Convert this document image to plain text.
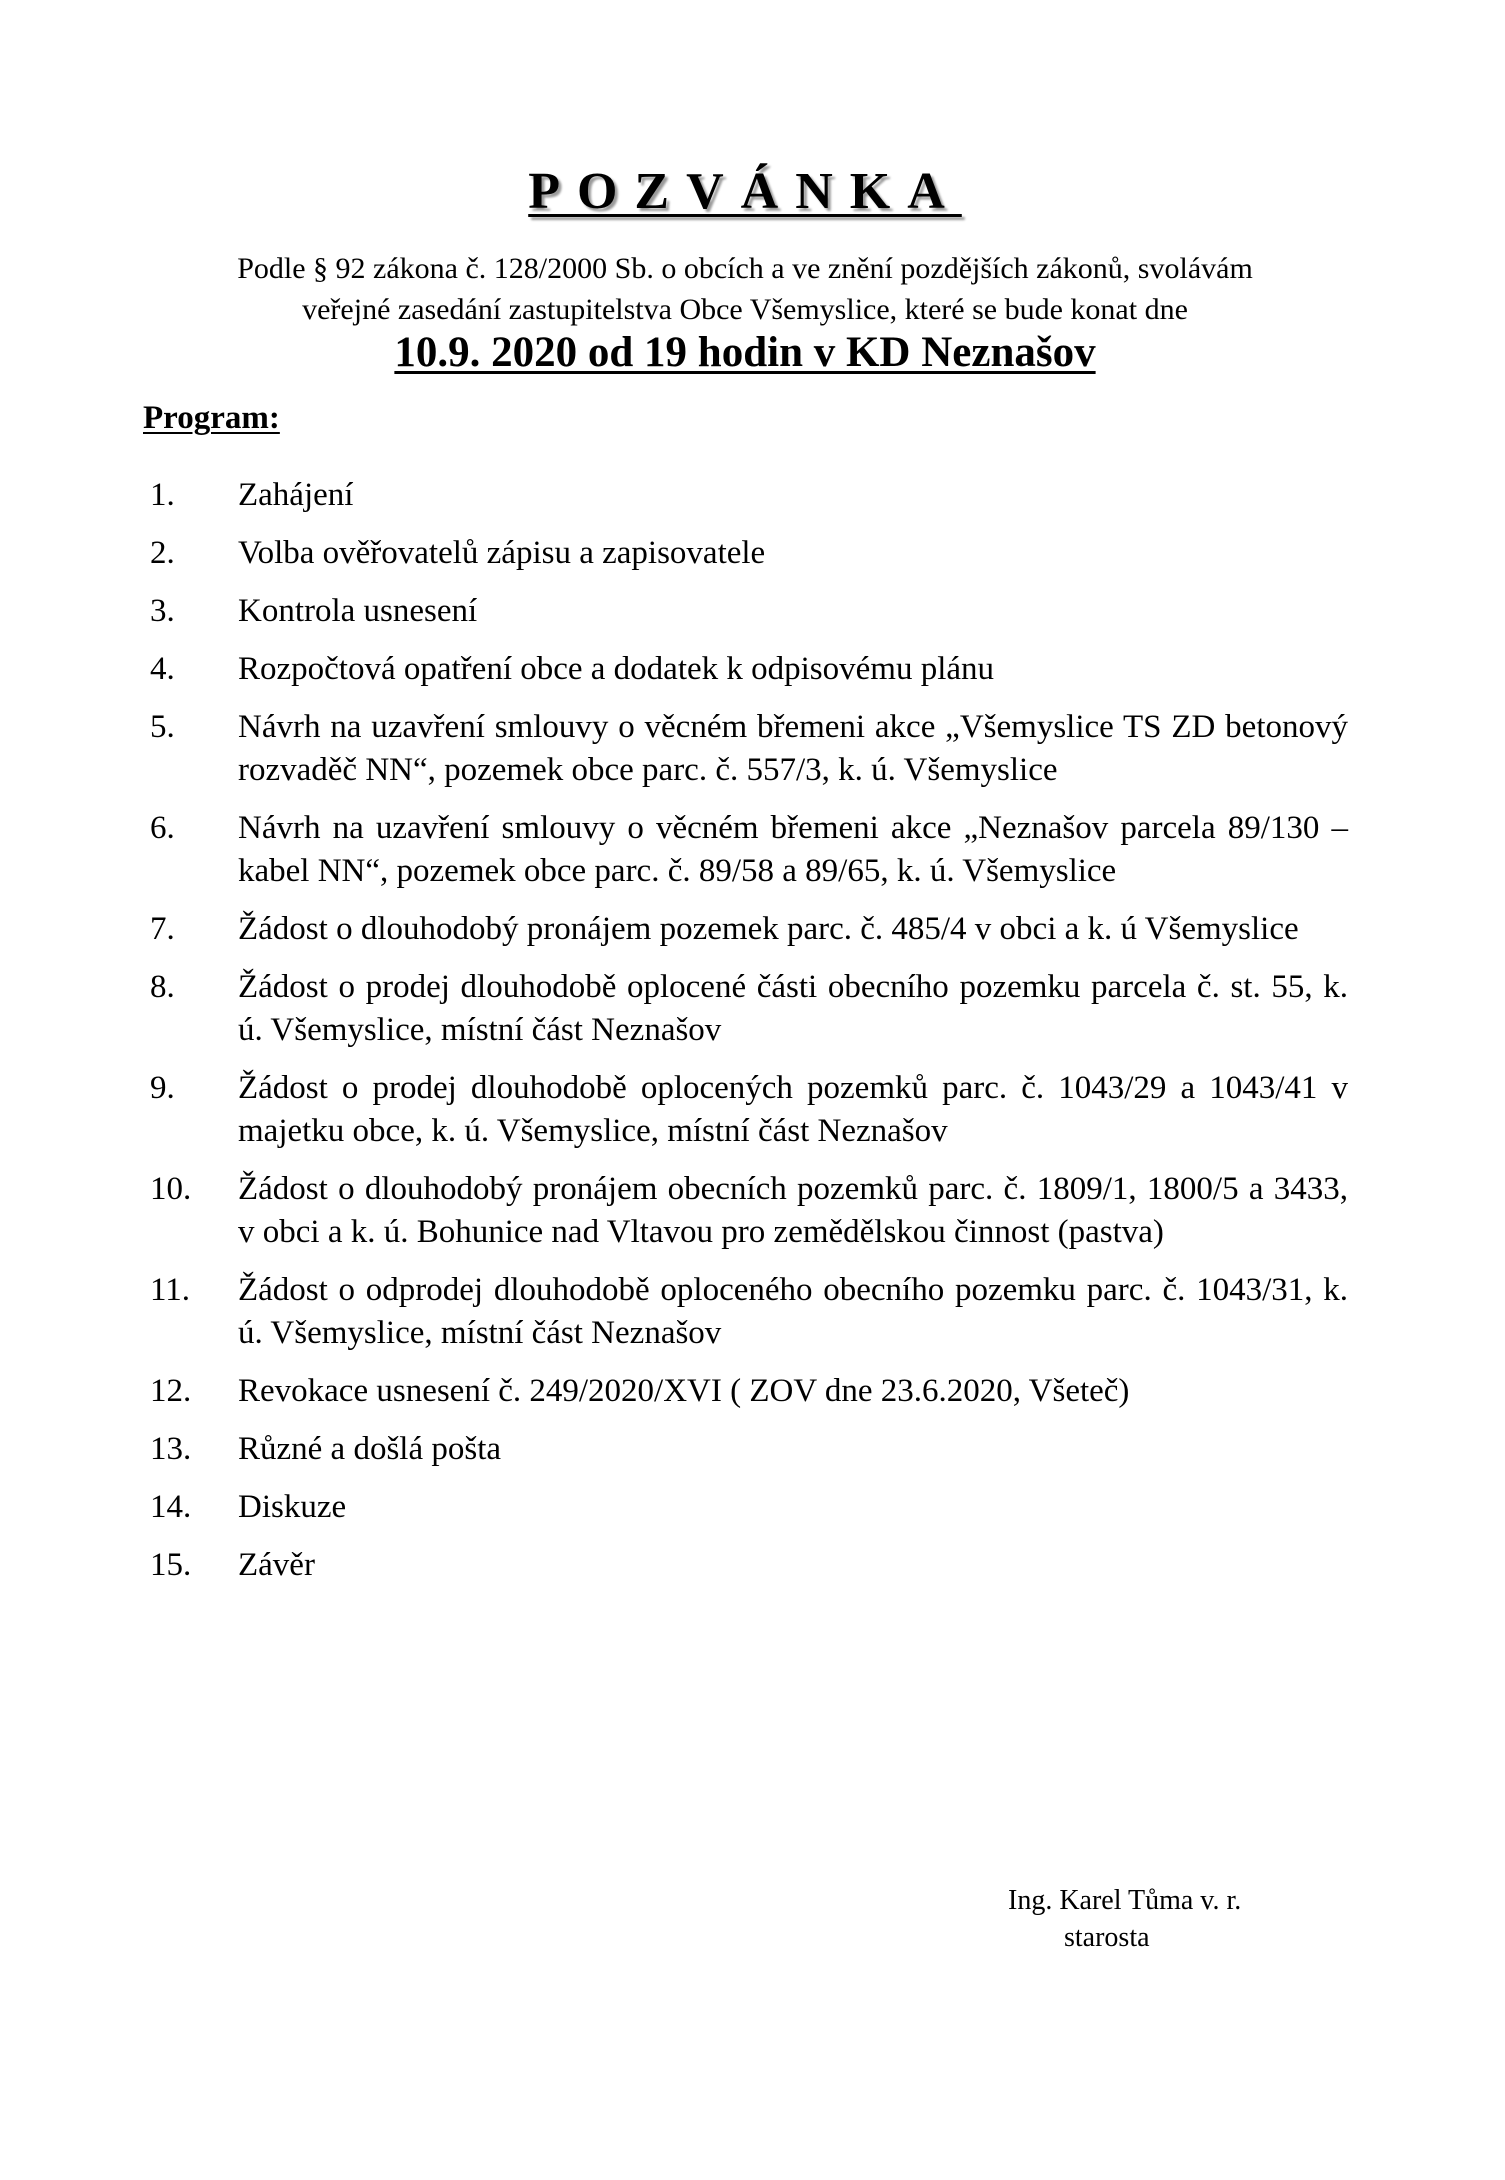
POZVÁNKA
Podle § 92 zákona č. 128/2000 Sb. o obcích a ve znění pozdějších zákonů, svolávám
veřejné zasedání zastupitelstva Obce Všemyslice, které se bude konat dne
10.9. 2020 od 19 hodin v KD Neznašov
Program:
1.	Zahájení
2.	Volba ověřovatelů zápisu a zapisovatele
3.	Kontrola usnesení
4.	Rozpočtová opatření obce a dodatek k odpisovému plánu
5.	Návrh na uzavření smlouvy o věcném břemeni akce „Všemyslice TS ZD betonový rozvaděč NN“, pozemek obce parc. č. 557/3, k. ú. Všemyslice
6.	Návrh na uzavření smlouvy o věcném břemeni akce „Neznašov parcela 89/130 – kabel NN“, pozemek obce parc. č. 89/58 a 89/65, k. ú. Všemyslice
7.	Žádost o dlouhodobý pronájem pozemek parc. č. 485/4 v obci a k. ú Všemyslice
8.	Žádost o prodej dlouhodobě oplocené části obecního pozemku parcela č. st. 55, k. ú. Všemyslice, místní část Neznašov
9.	Žádost o prodej dlouhodobě oplocených pozemků parc. č. 1043/29 a 1043/41 v majetku obce, k. ú. Všemyslice, místní část Neznašov
10.	Žádost o dlouhodobý pronájem obecních pozemků parc. č. 1809/1, 1800/5 a 3433, v obci a k. ú. Bohunice nad Vltavou pro zemědělskou činnost (pastva)
11.	Žádost o odprodej dlouhodobě oploceného obecního pozemku parc. č. 1043/31, k. ú. Všemyslice, místní část Neznašov
12.	Revokace usnesení č. 249/2020/XVI ( ZOV dne 23.6.2020, Všeteč)
13.	Různé a došlá pošta
14.	Diskuze
15.	Závěr
Ing. Karel Tůma v. r.
starosta
